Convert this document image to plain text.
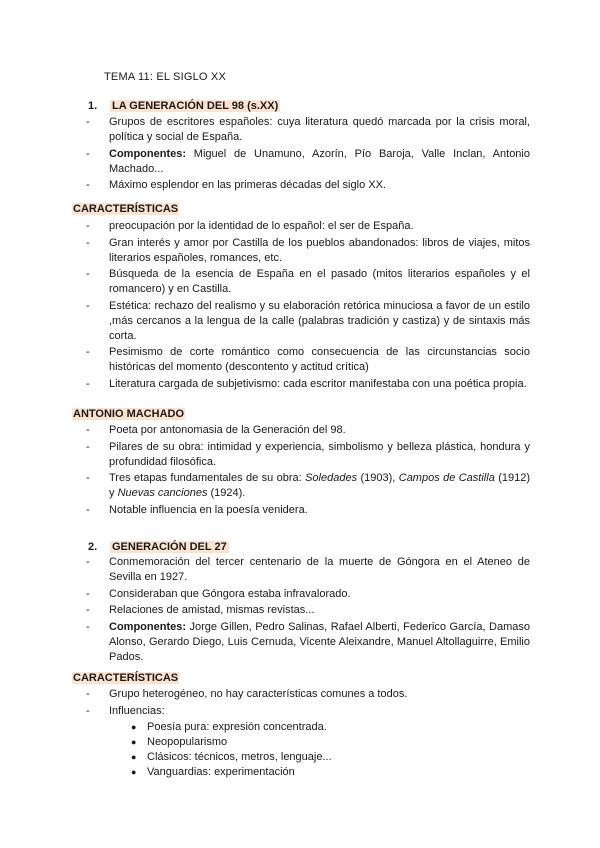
TEMA 11: EL SIGLO XX
1. LA GENERACIÓN DEL 98 (s.XX)
- Grupos de escritores españoles: cuya literatura quedó marcada por la crisis moral, política y social de España.
- Componentes: Miguel de Unamuno, Azorín, Pío Baroja, Valle Inclan, Antonio Machado...
- Máximo esplendor en las primeras décadas del siglo XX.
CARACTERÍSTICAS
- preocupación por la identidad de lo español: el ser de España.
- Gran interés y amor por Castilla de los pueblos abandonados: libros de viajes, mitos literarios españoles, romances, etc.
- Búsqueda de la esencia de España en el pasado (mitos literarios españoles y el romancero) y en Castilla.
- Estética: rechazo del realismo y su elaboración retórica minuciosa a favor de un estilo ,más cercanos a la lengua de la calle (palabras tradición y castiza) y de sintaxis más corta.
- Pesimismo de corte romántico como consecuencia de las circunstancias socio históricas del momento (descontento y actitud crítica)
- Literatura cargada de subjetivismo: cada escritor manifestaba con una poética propia.
ANTONIO MACHADO
- Poeta por antonomasia de la Generación del 98.
- Pilares de su obra: intimidad y experiencia, simbolismo y belleza plástica, hondura y profundidad filosófica.
- Tres etapas fundamentales de su obra: Soledades (1903), Campos de Castilla (1912) y Nuevas canciones (1924).
- Notable influencia en la poesía venidera.
2. GENERACIÓN DEL 27
- Conmemoración del tercer centenario de la muerte de Góngora en el Ateneo de Sevilla en 1927.
- Consideraban que Góngora estaba infravalorado.
- Relaciones de amistad, mismas revistas...
- Componentes: Jorge Gillen, Pedro Salinas, Rafael Alberti, Federico García, Damaso Alonso, Gerardo Diego, Luis Cernuda, Vicente Aleixandre, Manuel Altollaguirre, Emilio Pados.
CARACTERÍSTICAS
- Grupo heterogéneo, no hay características comunes a todos.
- Influencias:
● Poesía pura: expresión concentrada.
● Neopopularismo
● Clásicos: técnicos, metros, lenguaje...
● Vanguardias: experimentación
